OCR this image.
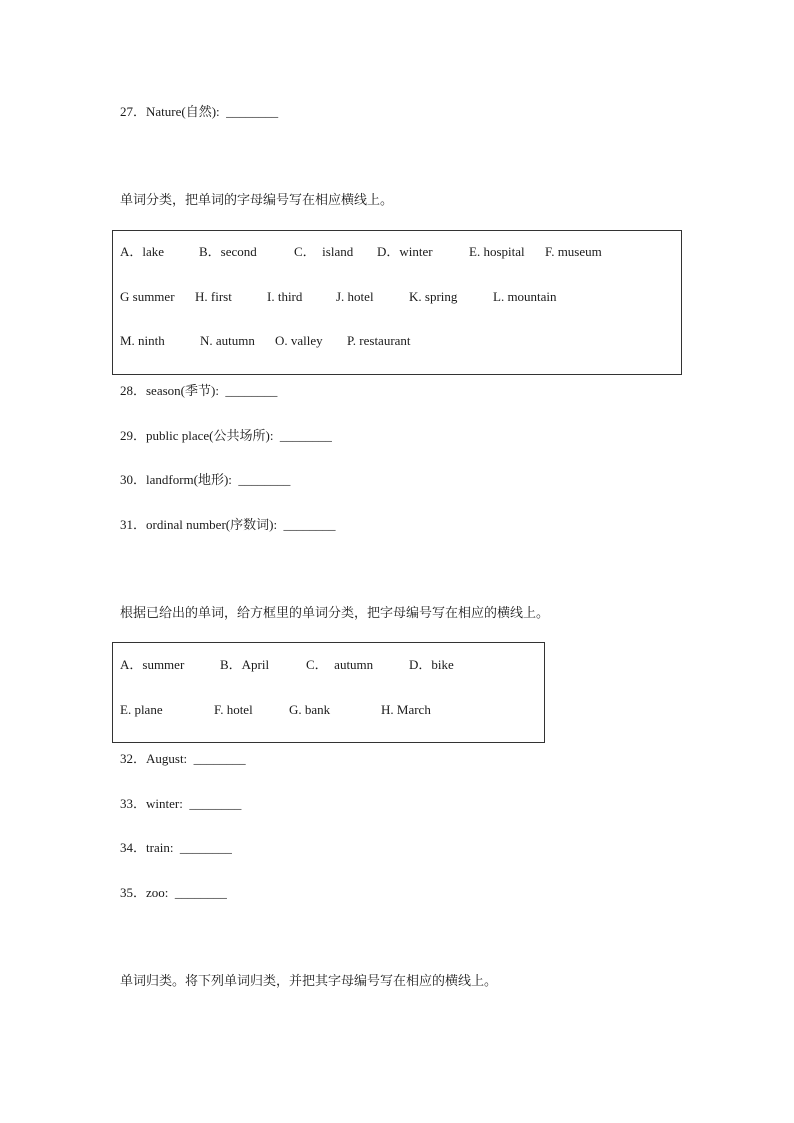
27．Nature(自然):  ________
单词分类，把单词的字母编号写在相应横线上。
A．lake	B．second	C．  island D．winter	E. hospital F. museum
G summer H. first	I. third	J. hotel	K. spring	L. mountain
M. ninth	N. autumn O. valley P. restaurant
28．season(季节):  ________
29．public place(公共场所):  ________
30．landform(地形):  ________
31．ordinal number(序数词):  ________
根据已给出的单词，给方框里的单词分类，把字母编号写在相应的横线上。
A．summer	B．April	C．  autumn	D．bike
E. plane	F. hotel	G. bank	H. March
32．August:  ________
33．winter:  ________
34．train:  ________
35．zoo:  ________
单词归类。将下列单词归类，并把其字母编号写在相应的横线上。
